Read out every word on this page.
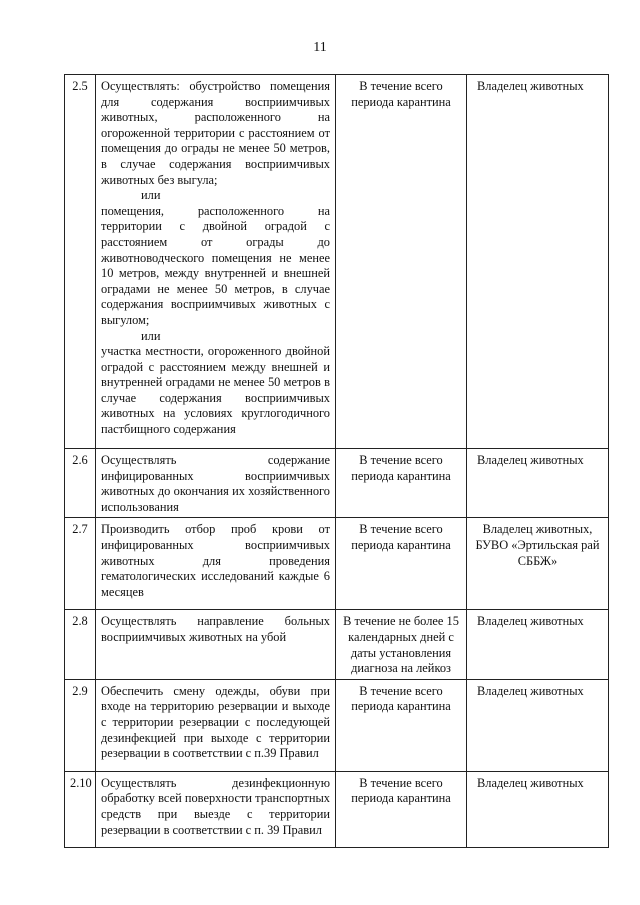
11
2.5	Осуществлять: обустройство помещения для содержания восприимчивых животных, расположенного на огороженной территории с расстоянием от помещения до ограды не менее 50 метров, в случае содержания восприимчивых животных без выгула;
или
помещения, расположенного на территории с двойной оградой с расстоянием от ограды до животноводческого помещения не менее 10 метров, между внутренней и внешней оградами не менее 50 метров, в случае содержания восприимчивых животных с выгулом;
или
участка местности, огороженного двойной оградой с расстоянием между внешней и внутренней оградами не менее 50 метров в случае содержания восприимчивых животных на условиях круглогодичного пастбищного содержания	В течение всего периода карантина	Владелец животных
2.6	Осуществлять содержание инфицированных восприимчивых животных до окончания их хозяйственного использования	В течение всего периода карантина	Владелец животных
2.7	Производить отбор проб крови от инфицированных восприимчивых животных для проведения гематологических исследований каждые 6 месяцев	В течение всего периода карантина	Владелец животных, БУВО «Эртильская рай СББЖ»
2.8	Осуществлять направление больных восприимчивых животных на убой	В течение не более 15 календарных дней с даты установления диагноза на лейкоз	Владелец животных
2.9	Обеспечить смену одежды, обуви при входе на территорию резервации и выходе с территории резервации с последующей дезинфекцией при выходе с территории резервации в соответствии с п.39 Правил	В течение всего периода карантина	Владелец животных
2.10	Осуществлять дезинфекционную обработку всей поверхности транспортных средств при выезде с территории резервации в соответствии с п. 39 Правил	В течение всего периода карантина	Владелец животных
